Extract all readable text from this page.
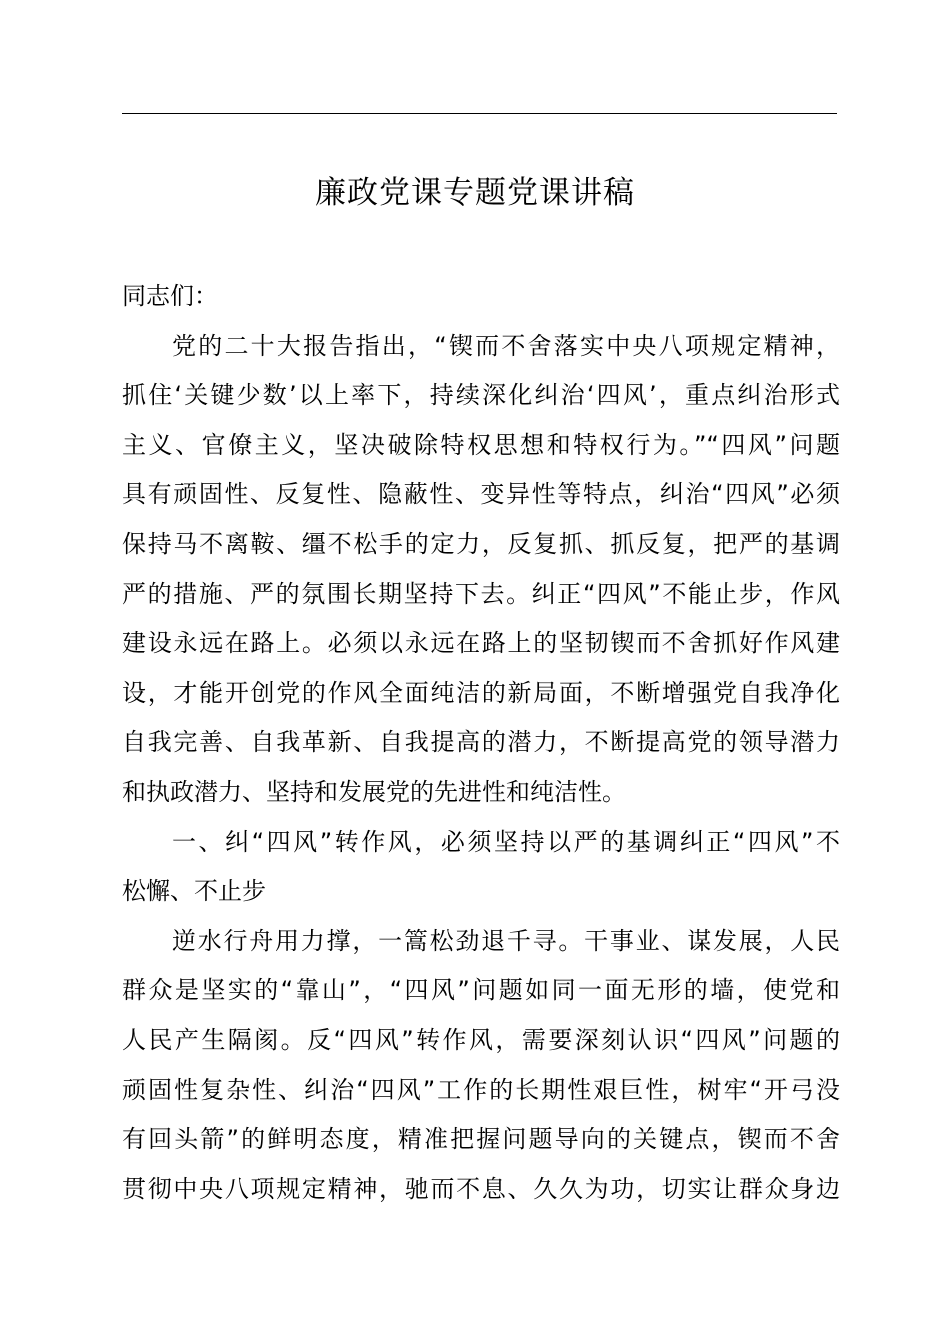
廉政党课专题党课讲稿
同志们：
党的二十大报告指出，“锲而不舍落实中央八项规定精神，
抓住‘关键少数’以上率下，持续深化纠治‘四风’，重点纠治形式
主义、官僚主义，坚决破除特权思想和特权行为。”“四风”问题
具有顽固性、反复性、隐蔽性、变异性等特点，纠治“四风”必须
保持马不离鞍、缰不松手的定力，反复抓、抓反复，把严的基调
严的措施、严的氛围长期坚持下去。纠正“四风”不能止步，作风
建设永远在路上。必须以永远在路上的坚韧锲而不舍抓好作风建
设，才能开创党的作风全面纯洁的新局面，不断增强党自我净化
自我完善、自我革新、自我提高的潜力，不断提高党的领导潜力
和执政潜力、坚持和发展党的先进性和纯洁性。
一、纠“四风”转作风，必须坚持以严的基调纠正“四风”不
松懈、不止步
逆水行舟用力撑，一篙松劲退千寻。干事业、谋发展，人民
群众是坚实的“靠山”，“四风”问题如同一面无形的墙，使党和
人民产生隔阂。反“四风”转作风，需要深刻认识“四风”问题的
顽固性复杂性、纠治“四风”工作的长期性艰巨性，树牢“开弓没
有回头箭”的鲜明态度，精准把握问题导向的关键点，锲而不舍
贯彻中央八项规定精神，驰而不息、久久为功，切实让群众身边
